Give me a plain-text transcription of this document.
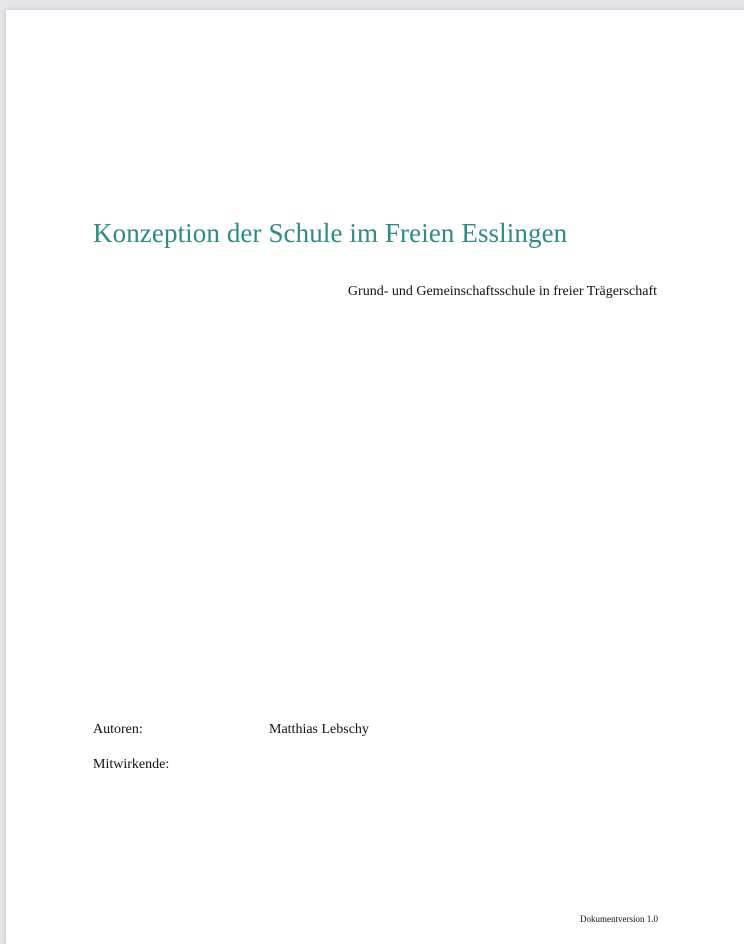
Konzeption der Schule im Freien Esslingen
Grund- und Gemeinschaftsschule in freier Trägerschaft
Autoren:	Matthias Lebschy
Mitwirkende:
Dokumentversion 1.0
